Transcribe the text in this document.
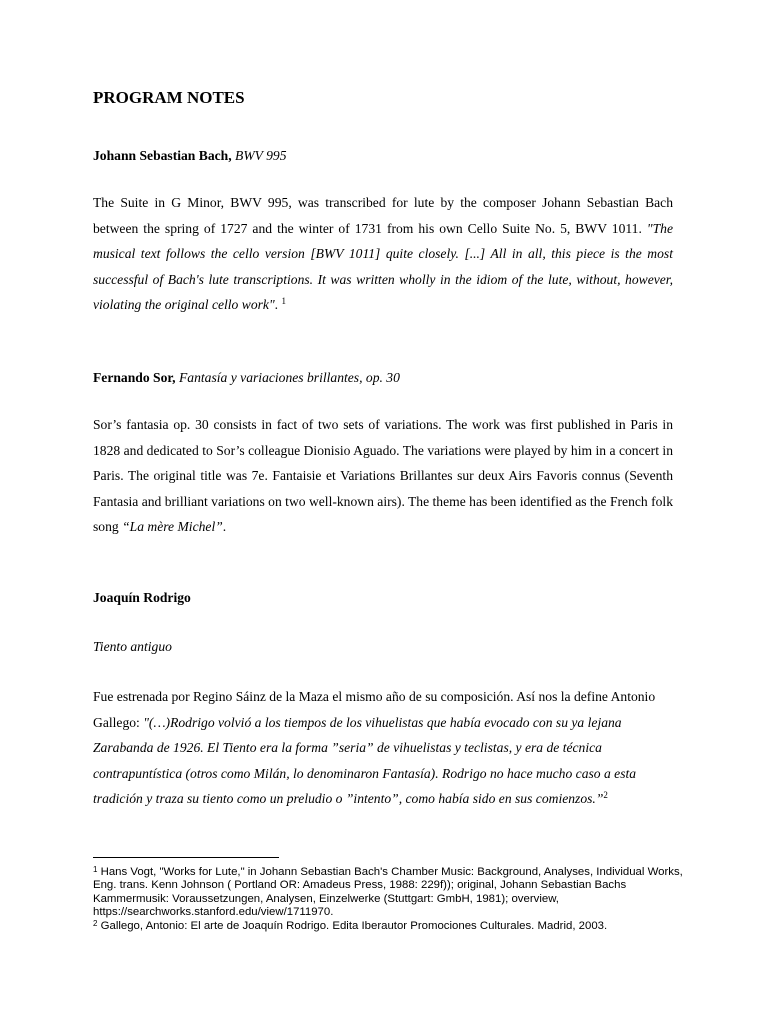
PROGRAM NOTES
Johann Sebastian Bach, BWV 995
The Suite in G Minor, BWV 995, was transcribed for lute by the composer Johann Sebastian Bach between the spring of 1727 and the winter of 1731 from his own Cello Suite No. 5, BWV 1011. "The musical text follows the cello version [BWV 1011] quite closely. [...] All in all, this piece is the most successful of Bach's lute transcriptions. It was written wholly in the idiom of the lute, without, however, violating the original cello work". $^1$
Fernando Sor, Fantasía y variaciones brillantes, op. 30
Sor’s fantasia op. 30 consists in fact of two sets of variations. The work was first published in Paris in 1828 and dedicated to Sor’s colleague Dionisio Aguado. The variations were played by him in a concert in Paris. The original title was 7e. Fantaisie et Variations Brillantes sur deux Airs Favoris connus (Seventh Fantasia and brilliant variations on two well-known airs). The theme has been identified as the French folk song “La mère Michel”.
Joaquín Rodrigo
Tiento antiguo
Fue estrenada por Regino Sáinz de la Maza el mismo año de su composición. Así nos la define Antonio Gallego: "(…)Rodrigo volvió a los tiempos de los vihuelistas que había evocado con su ya lejana Zarabanda de 1926. El Tiento era la forma ”seria” de vihuelistas y teclistas, y era de técnica contrapuntística (otros como Milán, lo denominaron Fantasía). Rodrigo no hace mucho caso a esta tradición y traza su tiento como un preludio o ”intento”, como había sido en sus comienzos.”$^2$
$^1$ Hans Vogt, "Works for Lute," in Johann Sebastian Bach's Chamber Music: Background, Analyses, Individual Works, Eng. trans. Kenn Johnson ( Portland OR: Amadeus Press, 1988: 229f)); original, Johann Sebastian Bachs Kammermusik: Voraussetzungen, Analysen, Einzelwerke (Stuttgart: GmbH, 1981); overview, https://searchworks.stanford.edu/view/1711970.
$^2$ Gallego, Antonio: El arte de Joaquín Rodrigo. Edita Iberautor Promociones Culturales. Madrid, 2003.
